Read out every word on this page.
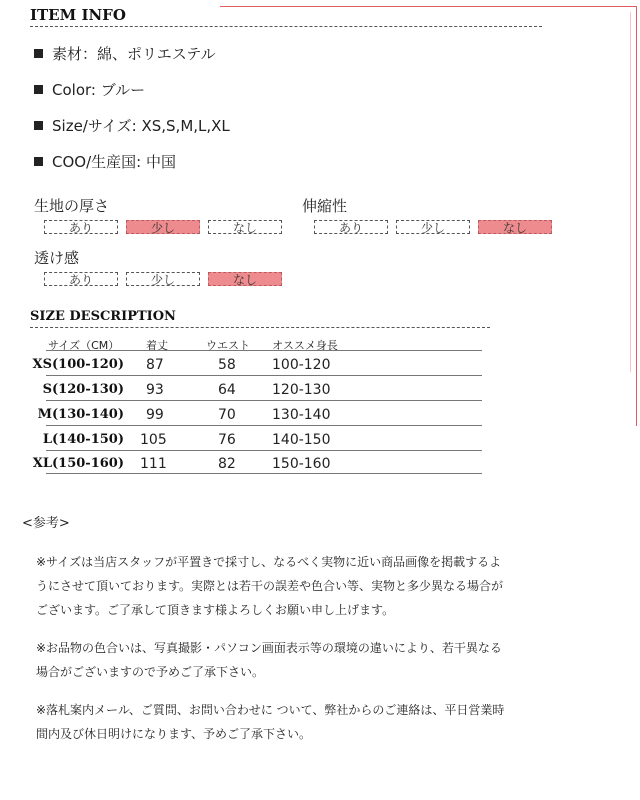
ITEM INFO
素材：綿、ポリエステル
Color: ブルー
Size/サイズ: XS,S,M,L,XL
COO/生産国: 中国
生地の厚さ
あり	少し	なし
伸縮性
あり	少し	なし
透け感
あり	少し	なし
SIZE DESCRIPTION
サイズ（CM） 着丈	ウエスト オススメ身長
XS(100-120) 87	58	100-120
S(120-130) 93	64	120-130
M(130-140) 99	70	130-140
L(140-150) 105	76	140-150
XL(150-160) 111	82	150-160
<参考>

※サイズは当店スタッフが平置きで採寸し、なるべく実物に近い商品画像を掲載するよ

うにさせて頂いております。実際とは若干の誤差や色合い等、実物と多少異なる場合が

ございます。ご了承して頂きます様よろしくお願い申し上げます。

※お品物の色合いは、写真撮影・パソコン画面表示等の環境の違いにより、若干異なる

場合がございますので予めご了承下さい。

※落札案内メール、ご質問、お問い合わせに ついて、弊社からのご連絡は、平日営業時

間内及び休日明けになります、予めご了承下さい。
